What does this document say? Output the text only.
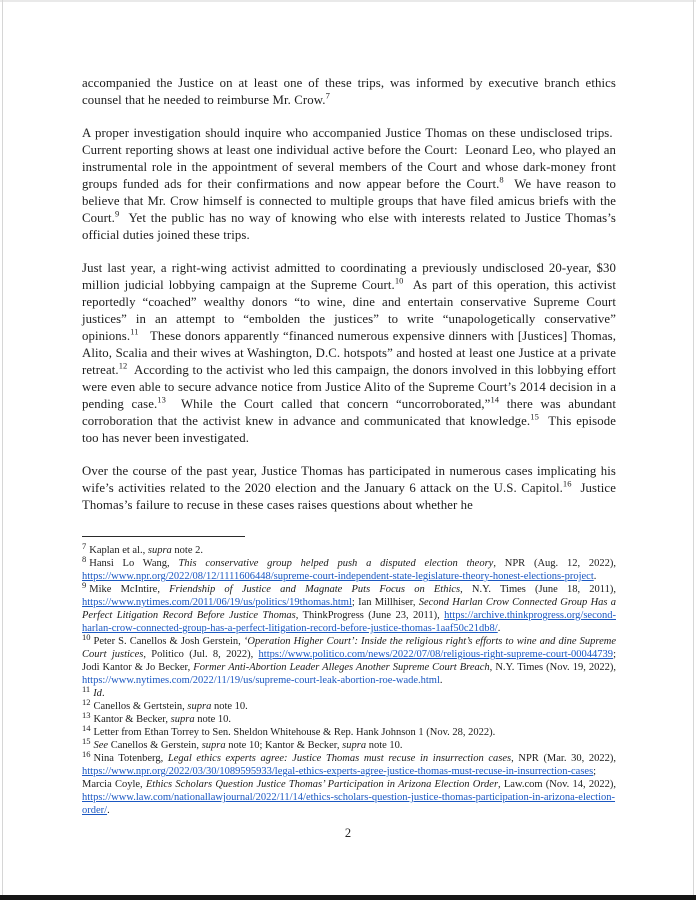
accompanied the Justice on at least one of these trips, was informed by executive branch ethics counsel that he needed to reimburse Mr. Crow.$^7$

A proper investigation should inquire who accompanied Justice Thomas on these undisclosed trips.  Current reporting shows at least one individual active before the Court:  Leonard Leo, who played an instrumental role in the appointment of several members of the Court and whose dark-money front groups funded ads for their confirmations and now appear before the Court.$^8$  We have reason to believe that Mr. Crow himself is connected to multiple groups that have filed amicus briefs with the Court.$^9$  Yet the public has no way of knowing who else with interests related to Justice Thomas’s official duties joined these trips.

Just last year, a right-wing activist admitted to coordinating a previously undisclosed 20-year, $30 million judicial lobbying campaign at the Supreme Court.$^{10}$  As part of this operation, this activist reportedly “coached” wealthy donors “to wine, dine and entertain conservative Supreme Court justices” in an attempt to “embolden the justices” to write “unapologetically conservative” opinions.$^{11}$   These donors apparently “financed numerous expensive dinners with [Justices] Thomas, Alito, Scalia and their wives at Washington, D.C. hotspots” and hosted at least one Justice at a private retreat.$^{12}$  According to the activist who led this campaign, the donors involved in this lobbying effort were even able to secure advance notice from Justice Alito of the Supreme Court’s 2014 decision in a pending case.$^{13}$  While the Court called that concern “uncorroborated,”$^{14}$ there was abundant corroboration that the activist knew in advance and communicated that knowledge.$^{15}$  This episode too has never been investigated.

Over the course of the past year, Justice Thomas has participated in numerous cases implicating his wife’s activities related to the 2020 election and the January 6 attack on the U.S. Capitol.$^{16}$  Justice Thomas’s failure to recuse in these cases raises questions about whether he

$^7$ Kaplan et al., supra note 2.
$^8$ Hansi Lo Wang, This conservative group helped push a disputed election theory, NPR (Aug. 12, 2022), https://www.npr.org/2022/08/12/1111606448/supreme-court-independent-state-legislature-theory-honest-elections-project.
$^9$ Mike McIntire, Friendship of Justice and Magnate Puts Focus on Ethics, N.Y. Times (June 18, 2011), https://www.nytimes.com/2011/06/19/us/politics/19thomas.html; Ian Millhiser, Second Harlan Crow Connected Group Has a Perfect Litigation Record Before Justice Thomas, ThinkProgress (June 23, 2011), https://archive.thinkprogress.org/second-harlan-crow-connected-group-has-a-perfect-litigation-record-before-justice-thomas-1aaf50c21db8/.
$^{10}$ Peter S. Canellos & Josh Gerstein, ‘Operation Higher Court’: Inside the religious right’s efforts to wine and dine Supreme Court justices, Politico (Jul. 8, 2022), https://www.politico.com/news/2022/07/08/religious-right-supreme-court-00044739; Jodi Kantor & Jo Becker, Former Anti-Abortion Leader Alleges Another Supreme Court Breach, N.Y. Times (Nov. 19, 2022), https://www.nytimes.com/2022/11/19/us/supreme-court-leak-abortion-roe-wade.html.
$^{11}$ Id.
$^{12}$ Canellos & Gertstein, supra note 10.
$^{13}$ Kantor & Becker, supra note 10.
$^{14}$ Letter from Ethan Torrey to Sen. Sheldon Whitehouse & Rep. Hank Johnson 1 (Nov. 28, 2022).
$^{15}$ See Canellos & Gerstein, supra note 10; Kantor & Becker, supra note 10.
$^{16}$ Nina Totenberg, Legal ethics experts agree: Justice Thomas must recuse in insurrection cases, NPR (Mar. 30, 2022), https://www.npr.org/2022/03/30/1089595933/legal-ethics-experts-agree-justice-thomas-must-recuse-in-insurrection-cases; Marcia Coyle, Ethics Scholars Question Justice Thomas’ Participation in Arizona Election Order, Law.com (Nov. 14, 2022), https://www.law.com/nationallawjournal/2022/11/14/ethics-scholars-question-justice-thomas-participation-in-arizona-election-order/.
2
